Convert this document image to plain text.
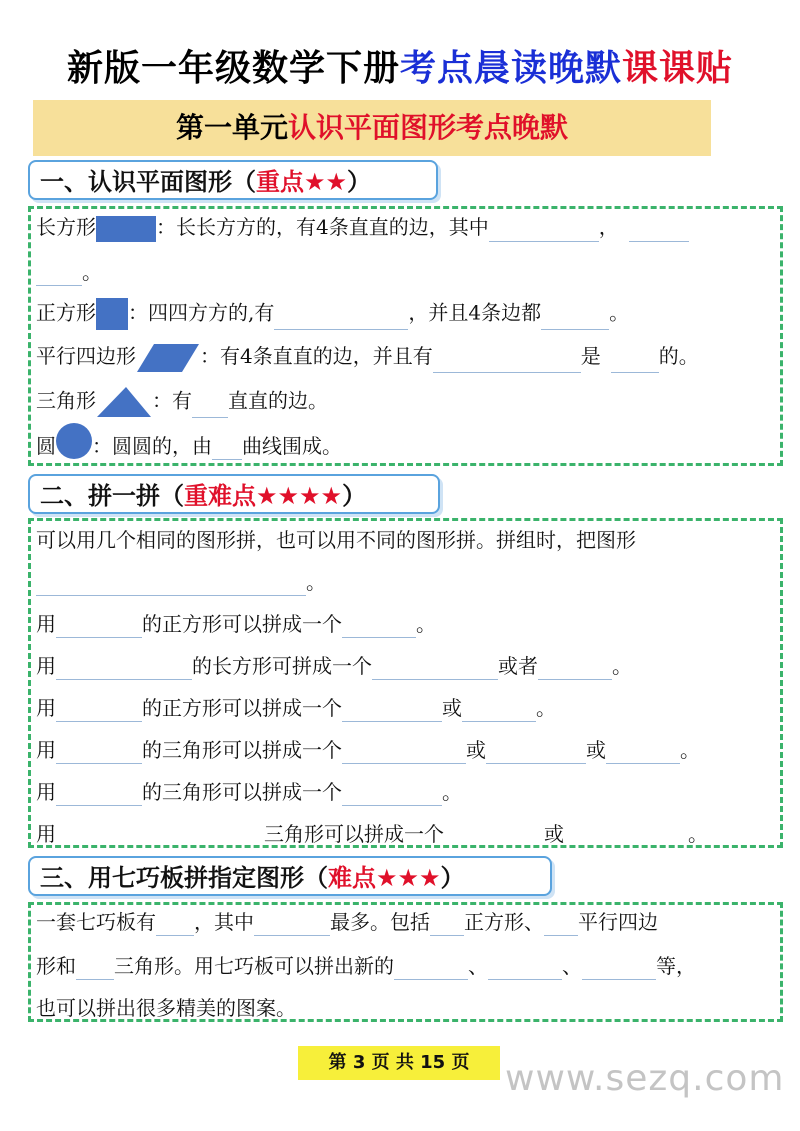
新版一年级数学下册考点晨读晚默课课贴
第一单元认识平面图形考点晚默
一、认识平面图形（重点★★）
长方形	：长长方方的，有4条直直的边，其中	，
。
正方形 ：四四方方的,有	，并且4条边都	。
平行四边形	：有4条直直的边，并且有	是	的。
三角形	：有 直直的边。
圆 ：圆圆的，由 曲线围成。
二、拼一拼（重难点★★★★）
可以用几个相同的图形拼，也可以用不同的图形拼。拼组时，把图形
。
用	的正方形可以拼成一个	。
用	的长方形可拼成一个	或者	。
用	的正方形可以拼成一个	或	。
用	的三角形可以拼成一个	或	或	。
用	的三角形可以拼成一个	。
用	三角形可以拼成一个	或	。
三、用七巧板拼指定图形（难点★★★）
一套七巧板有 ，其中	最多。包括 正方形、 平行四边
形和 三角形。用七巧板可以拼出新的	、	、	等，
也可以拼出很多精美的图案。
第 3 页 共 15 页 www.sezq.com
